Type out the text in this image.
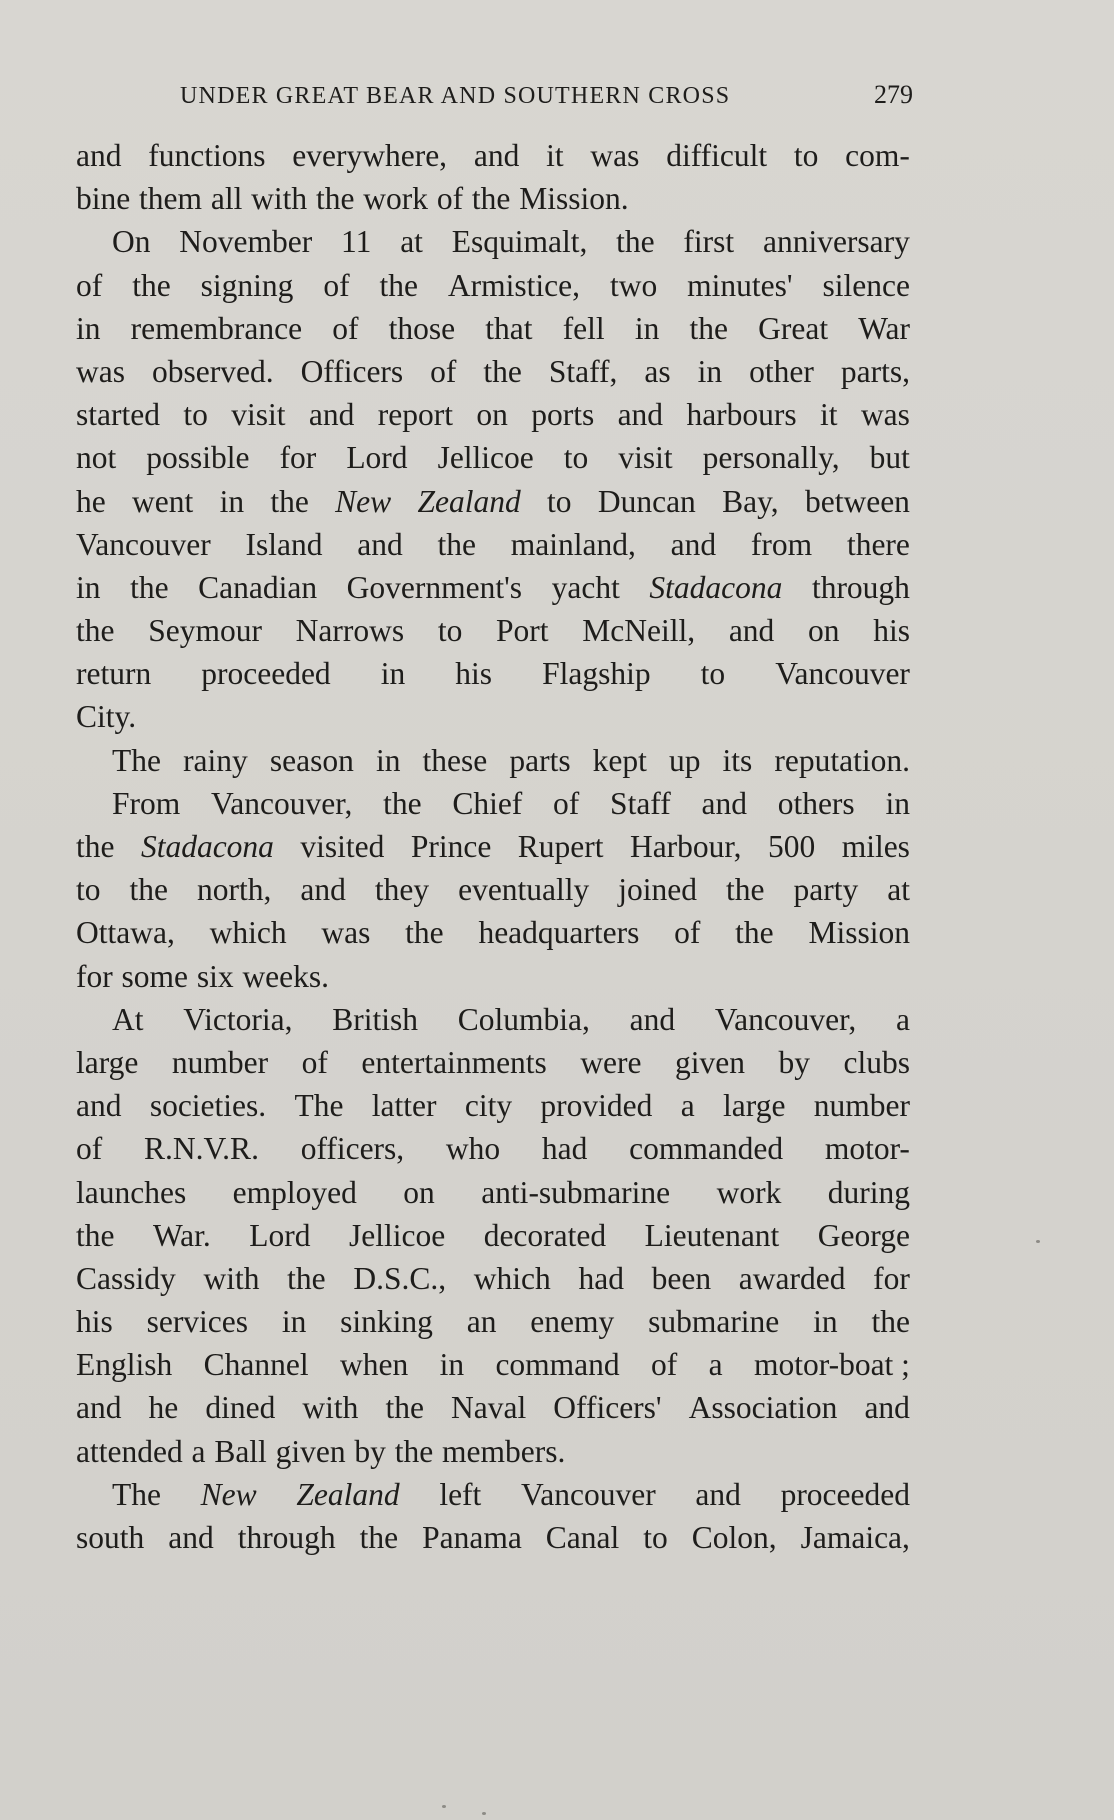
UNDER GREAT BEAR AND SOUTHERN CROSS	279
and functions everywhere, and it was difficult to com-
bine them all with the work of the Mission.
On November 11 at Esquimalt, the first anniversary
of the signing of the Armistice, two minutes' silence
in remembrance of those that fell in the Great War
was observed. Officers of the Staff, as in other parts,
started to visit and report on ports and harbours it was
not possible for Lord Jellicoe to visit personally, but
he went in the New Zealand to Duncan Bay, between
Vancouver Island and the mainland, and from there
in the Canadian Government's yacht Stadacona through
the Seymour Narrows to Port McNeill, and on his
return proceeded in his Flagship to Vancouver
City.
The rainy season in these parts kept up its reputation.
From Vancouver, the Chief of Staff and others in
the Stadacona visited Prince Rupert Harbour, 500 miles
to the north, and they eventually joined the party at
Ottawa, which was the headquarters of the Mission
for some six weeks.
At Victoria, British Columbia, and Vancouver, a
large number of entertainments were given by clubs
and societies. The latter city provided a large number
of R.N.V.R. officers, who had commanded motor-
launches employed on anti-submarine work during
the War. Lord Jellicoe decorated Lieutenant George
Cassidy with the D.S.C., which had been awarded for
his services in sinking an enemy submarine in the
English Channel when in command of a motor-boat ;
and he dined with the Naval Officers' Association and
attended a Ball given by the members.
The New Zealand left Vancouver and proceeded
south and through the Panama Canal to Colon, Jamaica,
